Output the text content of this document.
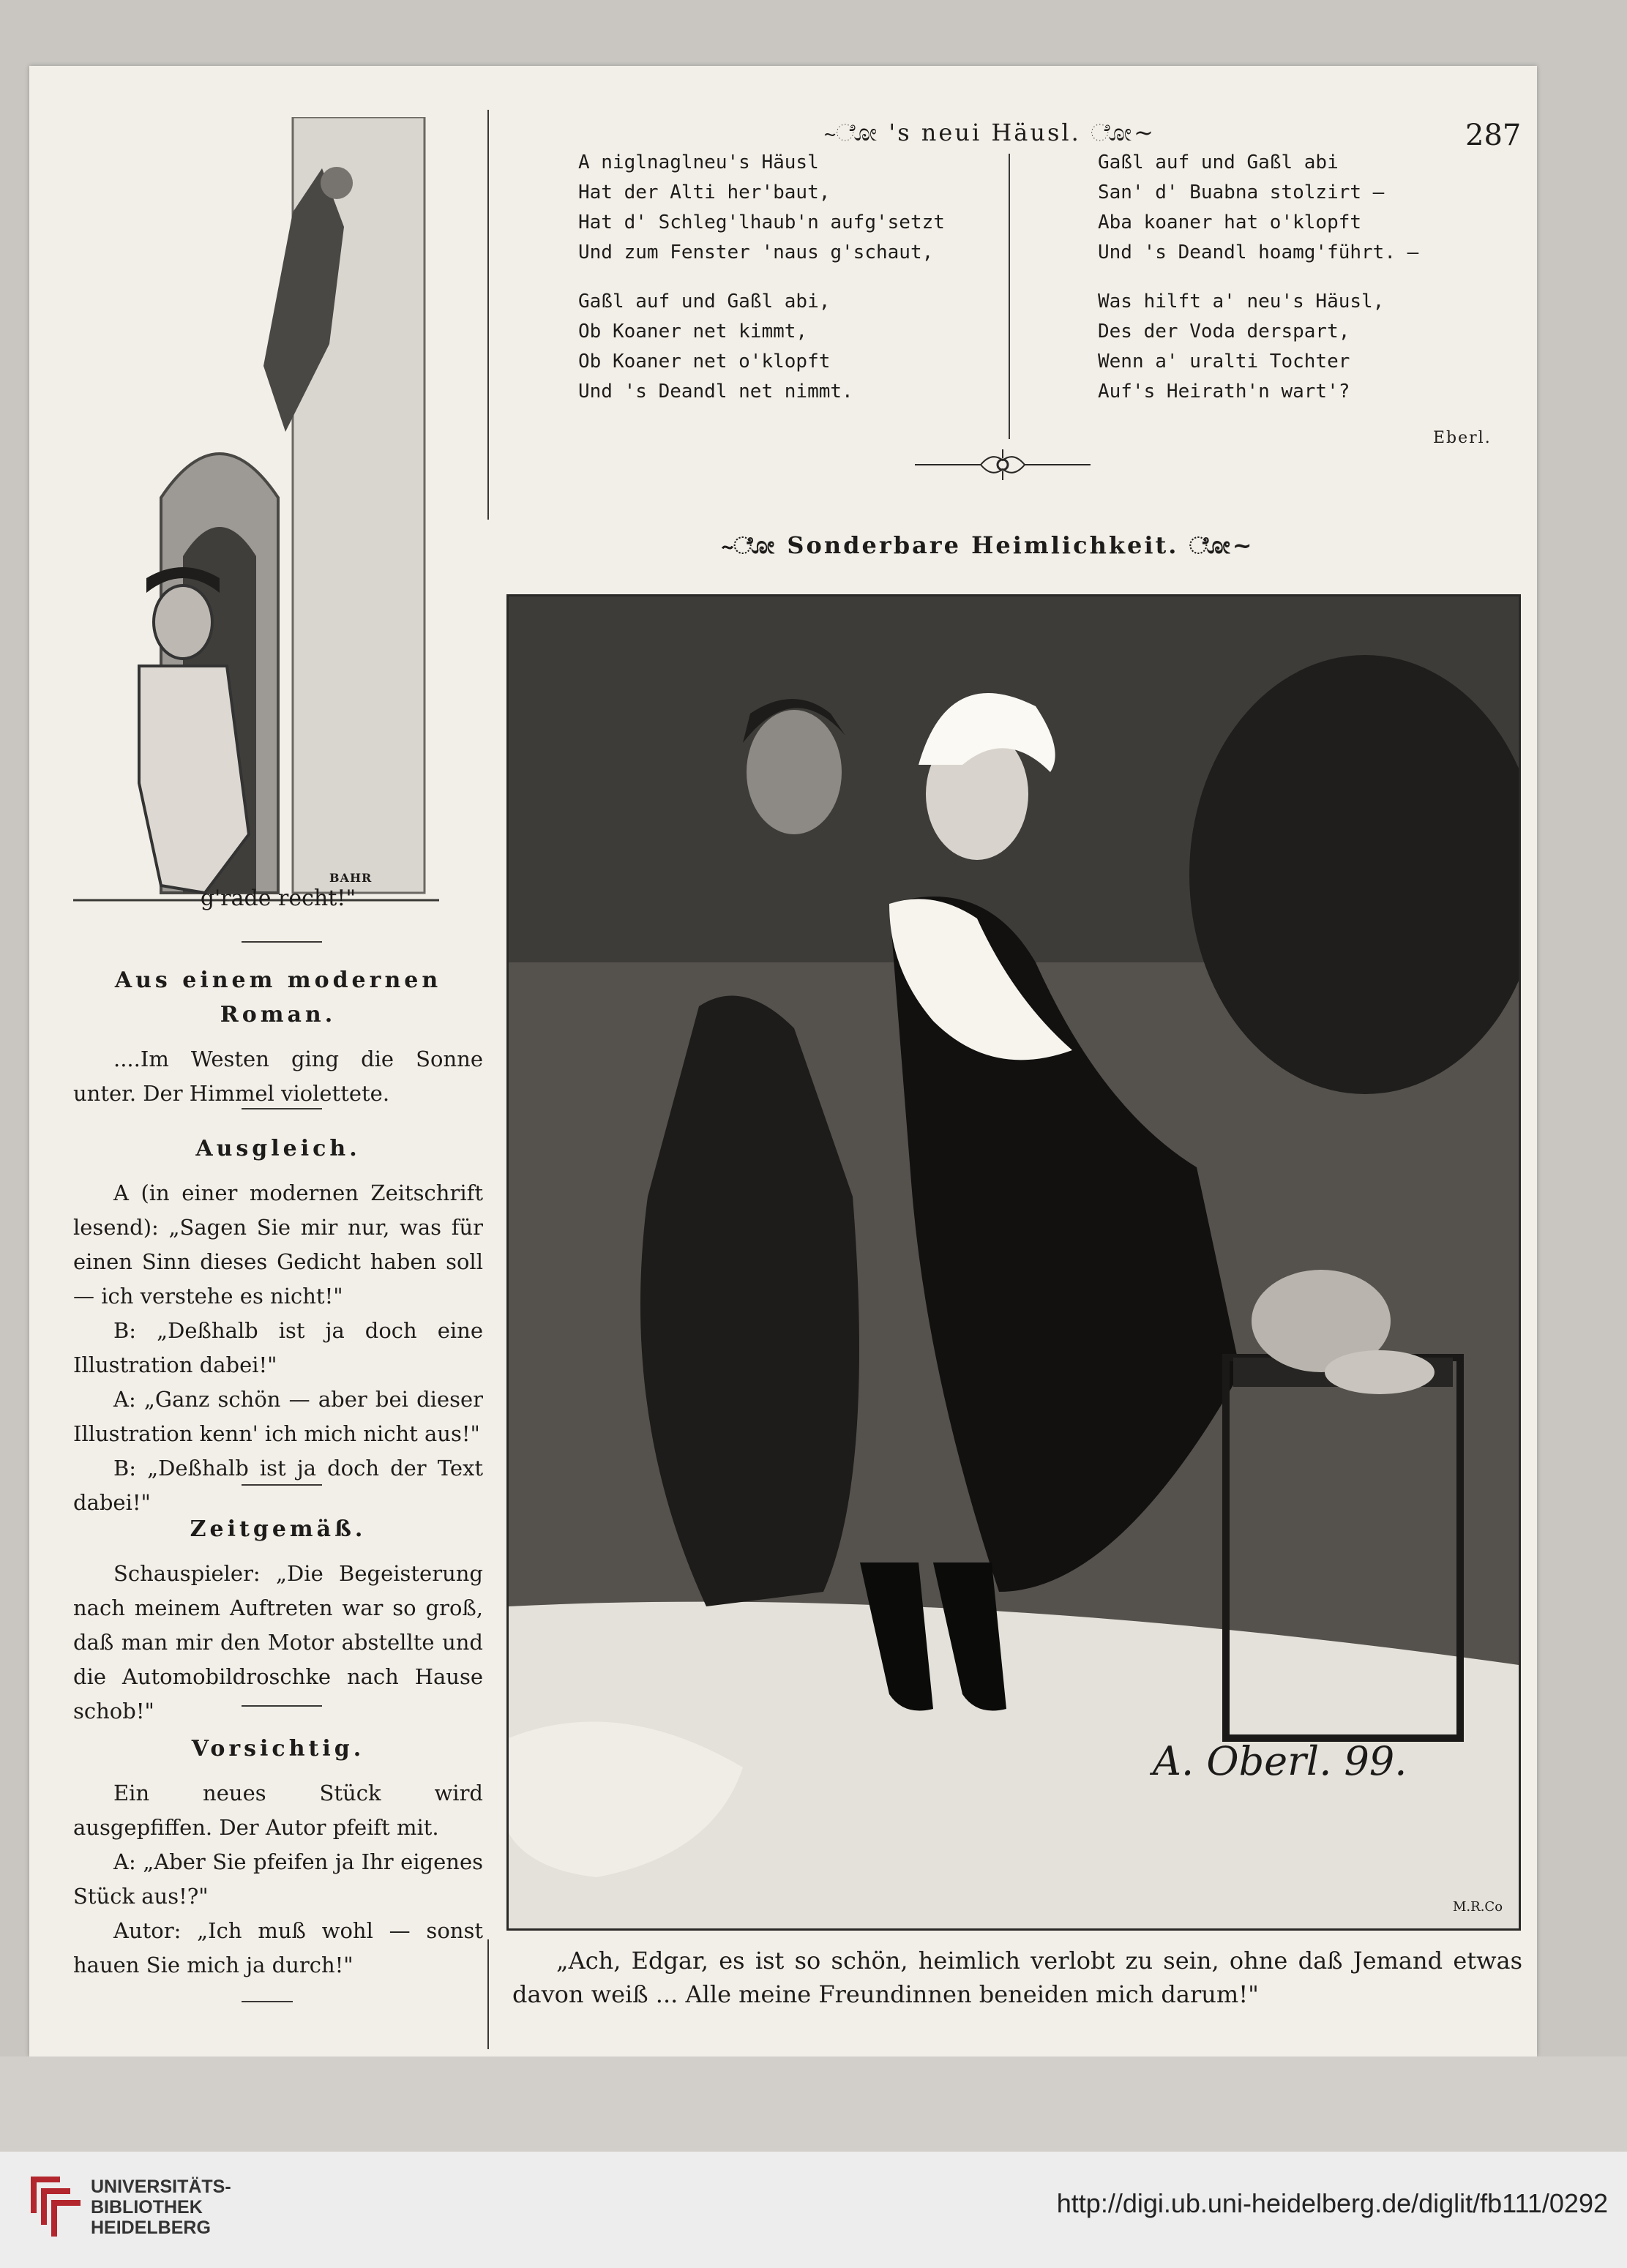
287
~ೋ 's neui Häusl. ೋ~
A niglnaglneu's Häusl
Hat der Alti her'baut,
Hat d' Schleg'lhaub'n aufg'setzt
Und zum Fenster 'naus g'schaut,
Gaßl auf und Gaßl abi,
Ob Koaner net kimmt,
Ob Koaner net o'klopft
Und 's Deandl net nimmt.
Gaßl auf und Gaßl abi
San' d' Buabna stolzirt —
Aba koaner hat o'klopft
Und 's Deandl hoamg'führt. —
Was hilft a' neu's Häusl,
Des der Voda derspart,
Wenn a' uralti Tochter
Auf's Heirath'n wart'?
Eberl.
~ೋ Sonderbare Heimlichkeit. ೋ~
A. Oberl. 99.
M.R.Co
„Ach, Edgar, es ist so schön, heimlich verlobt zu sein, ohne daß Jemand etwas davon weiß ... Alle meine Freundinnen beneiden mich darum!"
BAHR
g'rade recht!"
Aus einem modernen Roman.
....Im Westen ging die Sonne unter. Der Himmel violettete.
Ausgleich.
A (in einer modernen Zeitschrift lesend): „Sagen Sie mir nur, was für einen Sinn dieses Gedicht haben soll — ich verstehe es nicht!"
B: „Deßhalb ist ja doch eine Illustration dabei!"
A: „Ganz schön — aber bei dieser Illustration kenn' ich mich nicht aus!"
B: „Deßhalb ist ja doch der Text dabei!"
Zeitgemäß.
Schauspieler: „Die Begeisterung nach meinem Auftreten war so groß, daß man mir den Motor abstellte und die Automobildroschke nach Hause schob!"
Vorsichtig.
Ein neues Stück wird ausgepfiffen. Der Autor pfeift mit.
A: „Aber Sie pfeifen ja Ihr eigenes Stück aus!?"
Autor: „Ich muß wohl — sonst hauen Sie mich ja durch!"
UNIVERSITÄTS-
BIBLIOTHEK
HEIDELBERG
http://digi.ub.uni-heidelberg.de/diglit/fb111/0292
